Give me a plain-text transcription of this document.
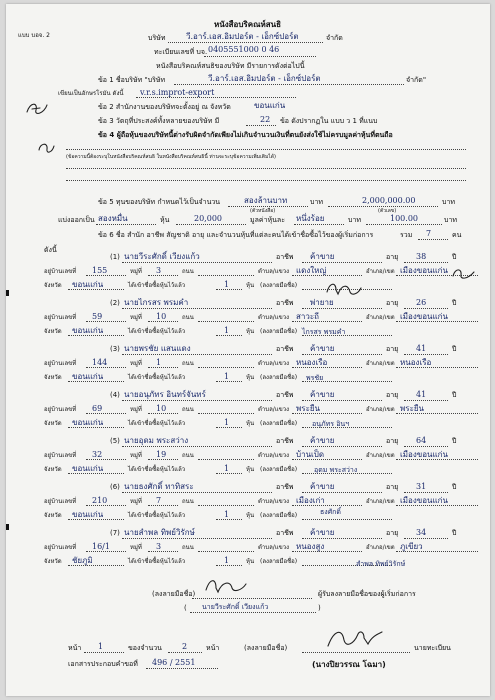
แบบ บอจ. 2
หนังสือบริคณห์สนธิ
บริษัท	วี.อาร์.เอส.อิมปอร์ต - เอ็กซ์ปอร์ต	จำกัด
ทะเบียนเลขที่ บจ. 0405551000 0 46
หนังสือบริคณห์สนธิของบริษัท มีรายการดังต่อไปนี้
ข้อ 1 ชื่อบริษัท "บริษัท	วี.อาร์.เอส.อิมปอร์ต - เอ็กซ์ปอร์ต	จำกัด"
เขียนเป็นอักษรโรมัน ดังนี้ v.r.s.improt-export
ข้อ 2 สำนักงานของบริษัทจะตั้งอยู่ ณ จังหวัด	ขอนแก่น
ข้อ 3 วัตถุที่ประสงค์ทั้งหลายของบริษัท มี	22 ข้อ ดังปรากฏใน แบบ ว 1 ที่แนบ
ข้อ 4 ผู้ถือหุ้นของบริษัทนี้ต่างรับผิดจำกัดเพียงไม่เกินจำนวนเงินที่ตนยังส่งใช้ไม่ครบมูลค่าหุ้นที่ตนถือ
(ข้อความนี้ต้องระบุในหนังสือบริคณห์สนธิ ในหนังสือบริคณห์สนธินี้ ท่านจะระบุข้อความเพิ่มเติมได้)
ข้อ 5 ทุนของบริษัท กำหนดไว้เป็นจำนวน	สองล้านบาท	บาท	2,000,000.00	บาท
(ตัวหนังสือ)	(ตัวเลข)
แบ่งออกเป็น สองหมื่น	หุ้น	20,000	มูลค่าหุ้นละ หนึ่งร้อย	บาท	100.00	บาท
ข้อ 6 ชื่อ สำนัก อาชีพ สัญชาติ อายุ และจำนวนหุ้นที่แต่ละคนได้เข้าชื่อซื้อไว้ของผู้เริ่มก่อการ	รวม 7	คน
ดังนี้
(1) นายวีระศักดิ์ เวียงแก้ว	อาชีพ ค้าขาย	อายุ 38	ปี
อยู่บ้านเลขที่ 155	หมู่ที่ 3	ถนน	ตำบล/แขวง แดงใหญ่	อำเภอ/เขต เมืองขอนแก่น
จังหวัด ขอนแก่น	ได้เข้าชื่อซื้อหุ้นไว้แล้ว	1	หุ้น (ลงลายมือชื่อ)
(2) นายไกรสร พรมคำ	อาชีพ พ่ายาย	อายุ 26	ปี
อยู่บ้านเลขที่ 59	หมู่ที่ 10	ถนน	ตำบล/แขวง สาวะถี	อำเภอ/เขต เมืองขอนแก่น
จังหวัด ขอนแก่น	ได้เข้าชื่อซื้อหุ้นไว้แล้ว	1	หุ้น (ลงลายมือชื่อ)
(3) นายพรชัย แสนแดง	อาชีพ ค้าขาย	อายุ 41	ปี
อยู่บ้านเลขที่ 144	หมู่ที่ 1	ถนน	ตำบล/แขวง หนองเรือ	อำเภอ/เขต หนองเรือ
จังหวัด ขอนแก่น	ได้เข้าชื่อซื้อหุ้นไว้แล้ว	1	หุ้น (ลงลายมือชื่อ)
(4) นายอนุภัทร อินทร์จันทร์	อาชีพ ค้าขาย	อายุ 41	ปี
อยู่บ้านเลขที่ 69	หมู่ที่ 10	ถนน	ตำบล/แขวง พระยืน	อำเภอ/เขต พระยืน
จังหวัด ขอนแก่น	ได้เข้าชื่อซื้อหุ้นไว้แล้ว	1	หุ้น (ลงลายมือชื่อ)
(5) นายอุดม พระสว่าง	อาชีพ ค้าขาย	อายุ 64	ปี
อยู่บ้านเลขที่ 32	หมู่ที่ 19	ถนน	ตำบล/แขวง บ้านเป็ด	อำเภอ/เขต เมืองขอนแก่น
จังหวัด ขอนแก่น	ได้เข้าชื่อซื้อหุ้นไว้แล้ว	1	หุ้น (ลงลายมือชื่อ)
(6) นายธงศักดิ์ ทาทิสระ	อาชีพ ค้าขาย	อายุ 31	ปี
อยู่บ้านเลขที่ 210	หมู่ที่ 7	ถนน	ตำบล/แขวง เมืองเก่า	อำเภอ/เขต เมืองขอนแก่น
จังหวัด ขอนแก่น	ได้เข้าชื่อซื้อหุ้นไว้แล้ว	1	หุ้น (ลงลายมือชื่อ)
(7) นายสำพล ทิพย์วิรักษ์	อาชีพ ค้าขาย	อายุ 34	ปี
อยู่บ้านเลขที่ 16/1	หมู่ที่ 3	ถนน	ตำบล/แขวง หนองสูง	อำเภอ/เขต ภูเขียว
จังหวัด ชัยภูมิ	ได้เข้าชื่อซื้อหุ้นไว้แล้ว	1	หุ้น (ลงลายมือชื่อ)
ไกรสร พรมคำ
พรชัย
อนุภัทร อินฯ
อุดม พระสว่าง
ธงศักดิ์
สำพล ทิพย์วิรักษ์
(ลงลายมือชื่อ)	ผู้รับลงลายมือชื่อของผู้เริ่มก่อการ
( นายวีระศักดิ์ เวียงแก้ว	)
หน้า 1	ของจำนวน	2	หน้า	(ลงลายมือชื่อ)	นายทะเบียน
เอกสารประกอบคำขอที่ 496 / 2551	(นางปิยวรรณ โฉมา)
